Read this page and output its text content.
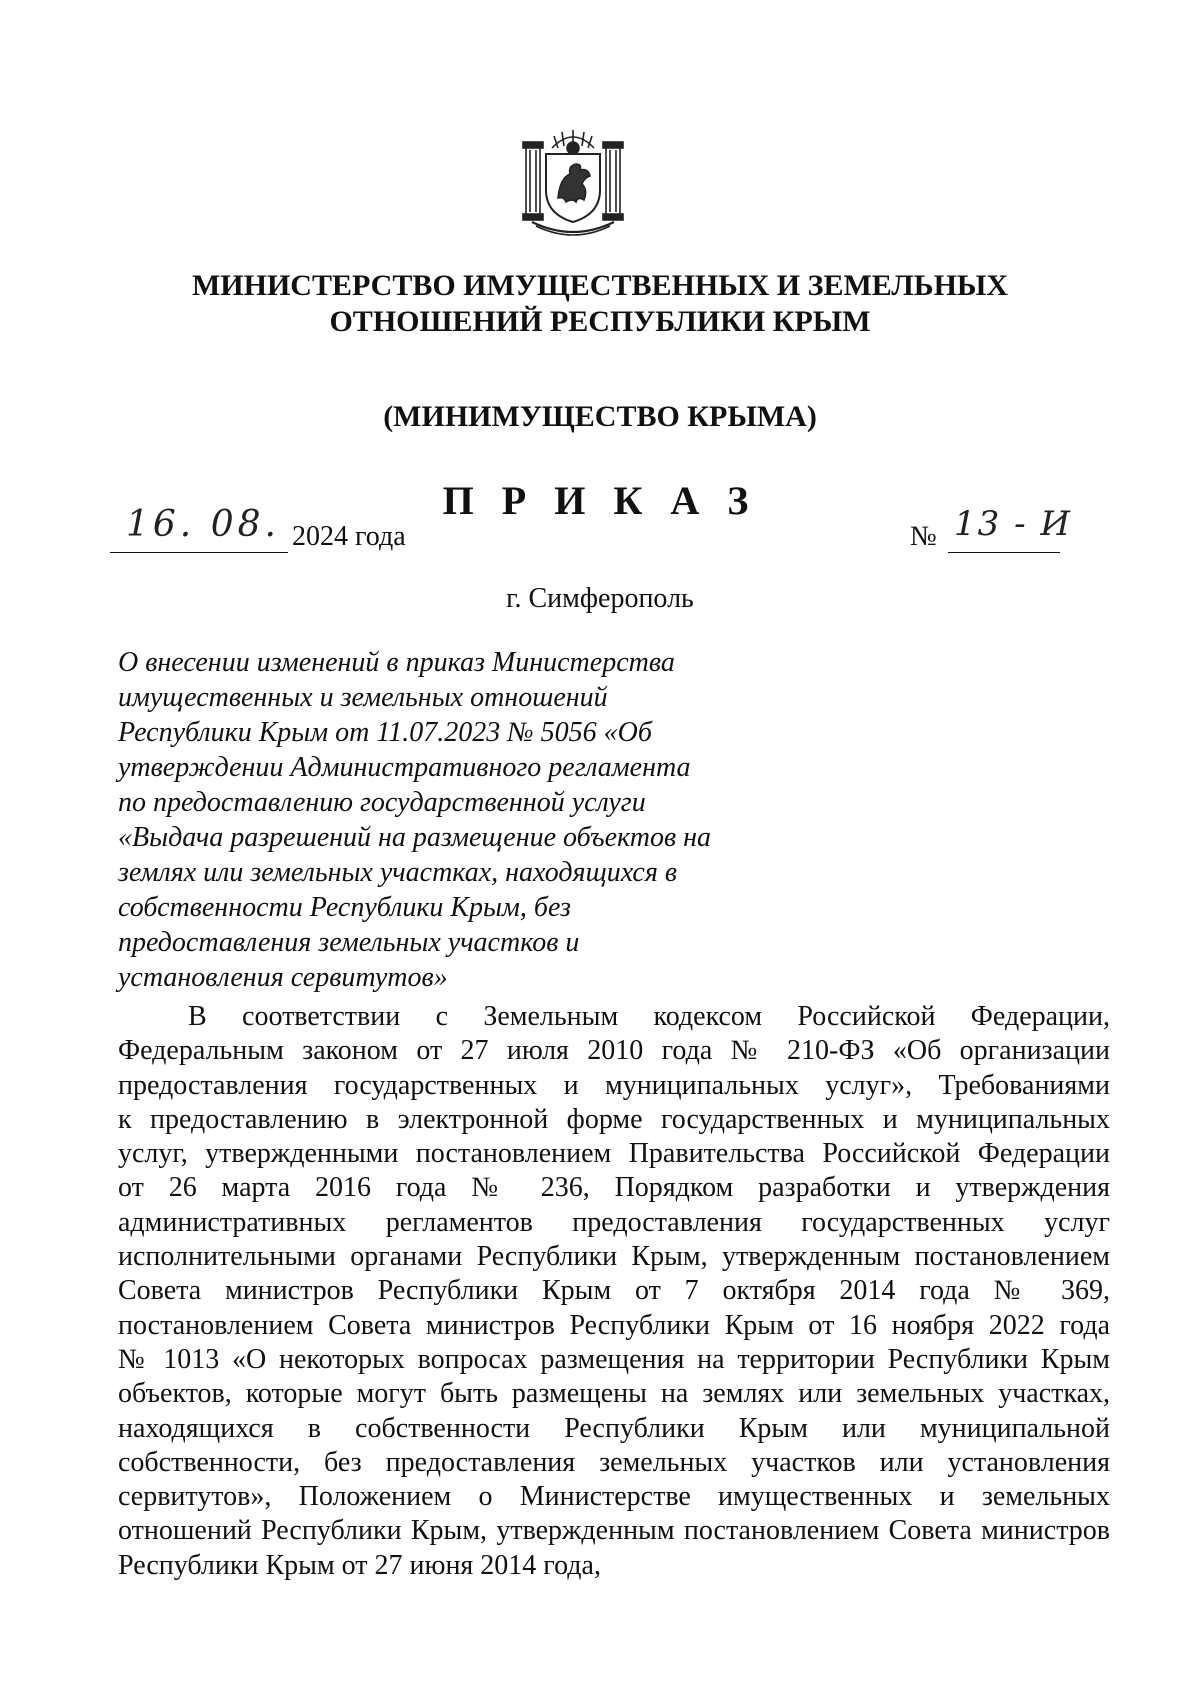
МИНИСТЕРСТВО ИМУЩЕСТВЕННЫХ И ЗЕМЕЛЬНЫХ
ОТНОШЕНИЙ РЕСПУБЛИКИ КРЫМ
(МИНИМУЩЕСТВО КРЫМА)
П Р И К А З
16. 08. 2024 года	№ 13 - И
г. Симферополь
О внесении изменений в приказ Министерства
имущественных и земельных отношений
Республики Крым от 11.07.2023 № 5056 «Об
утверждении Административного регламента
по предоставлению государственной услуги
«Выдача разрешений на размещение объектов на
землях или земельных участках, находящихся в
собственности Республики Крым, без
предоставления земельных участков и
установления сервитутов»
В соответствии с Земельным кодексом Российской Федерации,
Федеральным законом от 27 июля 2010 года № 210-ФЗ «Об организации
предоставления государственных и муниципальных услуг», Требованиями
к предоставлению в электронной форме государственных и муниципальных
услуг, утвержденными постановлением Правительства Российской Федерации
от 26 марта 2016 года № 236, Порядком разработки и утверждения
административных регламентов предоставления государственных услуг
исполнительными органами Республики Крым, утвержденным постановлением
Совета министров Республики Крым от 7 октября 2014 года № 369,
постановлением Совета министров Республики Крым от 16 ноября 2022 года
№ 1013 «О некоторых вопросах размещения на территории Республики Крым
объектов, которые могут быть размещены на землях или земельных участках,
находящихся в собственности Республики Крым или муниципальной
собственности, без предоставления земельных участков или установления
сервитутов», Положением о Министерстве имущественных и земельных
отношений Республики Крым, утвержденным постановлением Совета министров
Республики Крым от 27 июня 2014 года,
